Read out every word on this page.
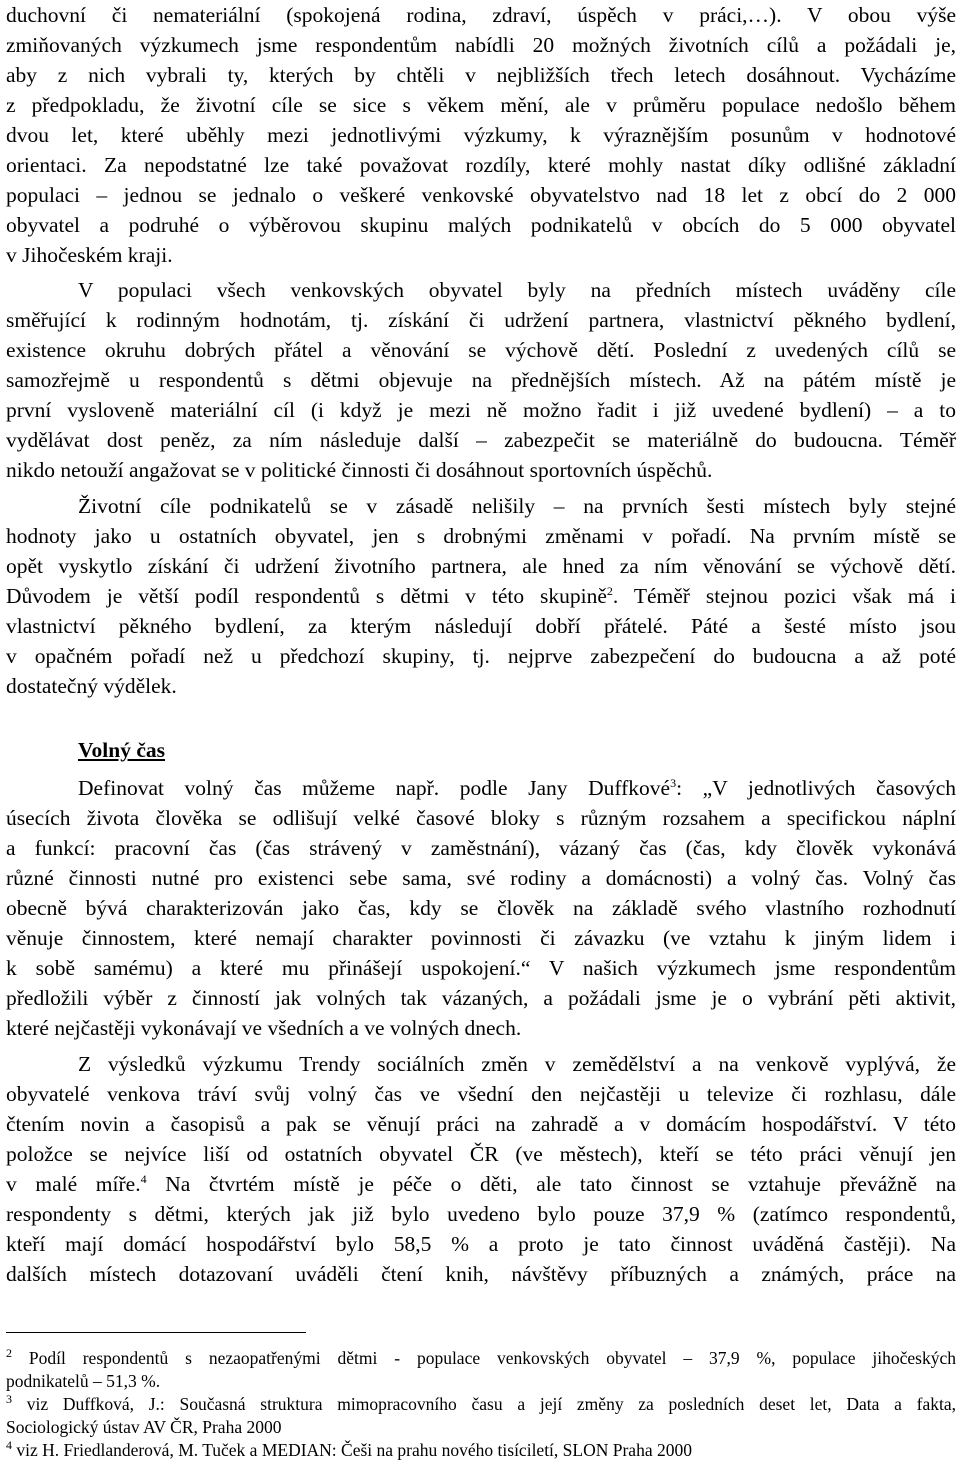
duchovní či nemateriální (spokojená rodina, zdraví, úspěch v práci,…). V obou výše
zmiňovaných výzkumech jsme respondentům nabídli 20 možných životních cílů a požádali je,
aby z nich vybrali ty, kterých by chtěli v nejbližších třech letech dosáhnout. Vycházíme
z předpokladu, že životní cíle se sice s věkem mění, ale v průměru populace nedošlo během
dvou let, které uběhly mezi jednotlivými výzkumy, k výraznějším posunům v hodnotové
orientaci. Za nepodstatné lze také považovat rozdíly, které mohly nastat díky odlišné základní
populaci – jednou se jednalo o veškeré venkovské obyvatelstvo nad 18 let z obcí do 2 000
obyvatel a podruhé o výběrovou skupinu malých podnikatelů v obcích do 5 000 obyvatel
v Jihočeském kraji.
V populaci všech venkovských obyvatel byly na předních místech uváděny cíle
směřující k rodinným hodnotám, tj. získání či udržení partnera, vlastnictví pěkného bydlení,
existence okruhu dobrých přátel a věnování se výchově dětí. Poslední z uvedených cílů se
samozřejmě u respondentů s dětmi objevuje na přednějších místech. Až na pátém místě je
první vysloveně materiální cíl (i když je mezi ně možno řadit i již uvedené bydlení) – a to
vydělávat dost peněz, za ním následuje další – zabezpečit se materiálně do budoucna. Téměř
nikdo netouží angažovat se v politické činnosti či dosáhnout sportovních úspěchů.
Životní cíle podnikatelů se v zásadě nelišily – na prvních šesti místech byly stejné
hodnoty jako u ostatních obyvatel, jen s drobnými změnami v pořadí. Na prvním místě se
opět vyskytlo získání či udržení životního partnera, ale hned za ním věnování se výchově dětí.
Důvodem je větší podíl respondentů s dětmi v této skupině$^2$. Téměř stejnou pozici však má i
vlastnictví pěkného bydlení, za kterým následují dobří přátelé. Páté a šesté místo jsou
v opačném pořadí než u předchozí skupiny, tj. nejprve zabezpečení do budoucna a až poté
dostatečný výdělek.
Volný čas
Definovat volný čas můžeme např. podle Jany Duffkové$^3$: „V jednotlivých časových
úsecích života člověka se odlišují velké časové bloky s různým rozsahem a specifickou náplní
a funkcí: pracovní čas (čas strávený v zaměstnání), vázaný čas (čas, kdy člověk vykonává
různé činnosti nutné pro existenci sebe sama, své rodiny a domácnosti) a volný čas. Volný čas
obecně bývá charakterizován jako čas, kdy se člověk na základě svého vlastního rozhodnutí
věnuje činnostem, které nemají charakter povinnosti či závazku (ve vztahu k jiným lidem i
k sobě samému) a které mu přinášejí uspokojení.“ V našich výzkumech jsme respondentům
předložili výběr z činností jak volných tak vázaných, a požádali jsme je o vybrání pěti aktivit,
které nejčastěji vykonávají ve všedních a ve volných dnech.
Z výsledků výzkumu Trendy sociálních změn v zemědělství a na venkově vyplývá, že
obyvatelé venkova tráví svůj volný čas ve všední den nejčastěji u televize či rozhlasu, dále
čtením novin a časopisů a pak se věnují práci na zahradě a v domácím hospodářství. V této
položce se nejvíce liší od ostatních obyvatel ČR (ve městech), kteří se této práci věnují jen
v malé míře.$^4$ Na čtvrtém místě je péče o děti, ale tato činnost se vztahuje převážně na
respondenty s dětmi, kterých jak již bylo uvedeno bylo pouze 37,9 % (zatímco respondentů,
kteří mají domácí hospodářství bylo 58,5 % a proto je tato činnost uváděná častěji). Na
dalších místech dotazovaní uváděli čtení knih, návštěvy příbuzných a známých, práce na
$^2$ Podíl respondentů s nezaopatřenými dětmi - populace venkovských obyvatel – 37,9 %, populace jihočeských
podnikatelů – 51,3 %.
$^3$ viz Duffková, J.: Současná struktura mimopracovního času a její změny za posledních deset let, Data a fakta,
Sociologický ústav AV ČR, Praha 2000
$^4$ viz H. Friedlanderová, M. Tuček a MEDIAN: Češi na prahu nového tisíciletí, SLON Praha 2000
